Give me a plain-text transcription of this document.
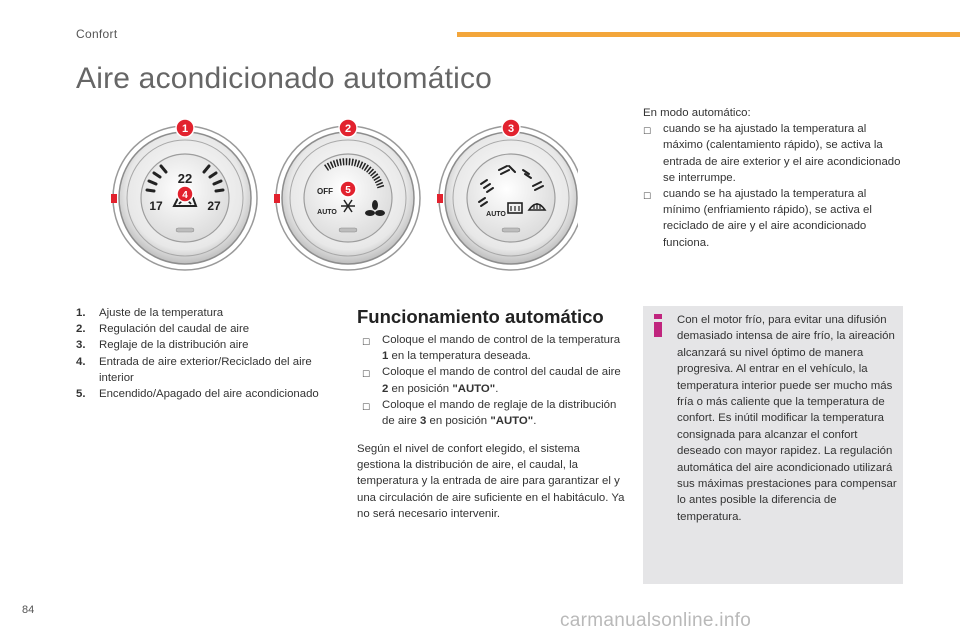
Confort
Aire acondicionado automático
22
17	27
1
4	OFF
AUTO
2
5
AUTO
3
1.	Ajuste de la temperatura
2.	Regulación del caudal de aire
3.	Reglaje de la distribución aire
4.	Entrada de aire exterior/Reciclado del aire interior
5.	Encendido/Apagado del aire acondicionado
Funcionamiento automático
☐	Coloque el mando de control de la temperatura 1 en la temperatura deseada.
☐	Coloque el mando de control del caudal de aire 2 en posición "AUTO".
☐	Coloque el mando de reglaje de la distribución de aire 3 en posición "AUTO".
Según el nivel de confort elegido, el sistema gestiona la distribución de aire, el caudal, la temperatura y la entrada de aire para garantizar el y una circulación de aire suficiente en el habitáculo. Ya no será necesario intervenir.
En modo automático:
☐	cuando se ha ajustado la temperatura al máximo (calentamiento rápido), se activa la entrada de aire exterior y el aire acondicionado se interrumpe.
☐	cuando se ha ajustado la temperatura al mínimo (enfriamiento rápido), se activa el reciclado de aire y el aire acondicionado funciona.
Con el motor frío, para evitar una difusión demasiado intensa de aire frío, la aireación alcanzará su nivel óptimo de manera progresiva. Al entrar en el vehículo, la temperatura interior puede ser mucho más fría o más caliente que la temperatura de confort. Es inútil modificar la temperatura consignada para alcanzar el confort deseado con mayor rapidez. La regulación automática del aire acondicionado utilizará sus máximas prestaciones para compensar lo antes posible la diferencia de temperatura.
84	carmanualsonline.info
